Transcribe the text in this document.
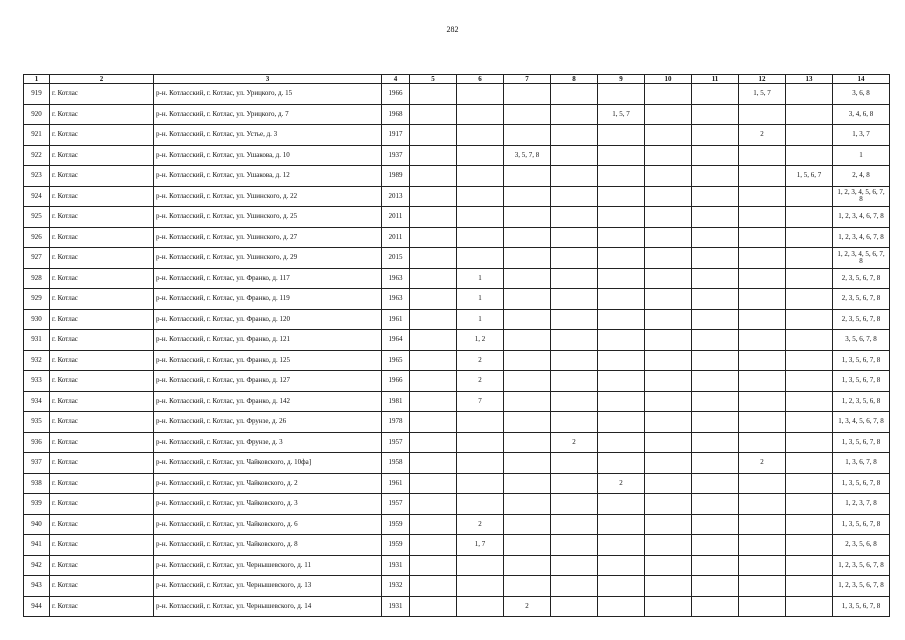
282
1	2	3	4	5	6	7	8	9	10	11	12	13	14
919	г. Котлас	р-н. Котласский, г. Котлас, ул. Урицкого, д. 15	1966								1, 5, 7		3, 6, 8
920	г. Котлас	р-н. Котласский, г. Котлас, ул. Урицкого, д. 7	1968					1, 5, 7					3, 4, 6, 8
921	г. Котлас	р-н. Котласский, г. Котлас, ул. Устье, д. 3	1917								2		1, 3, 7
922	г. Котлас	р-н. Котласский, г. Котлас, ул. Ушакова, д. 10	1937			3, 5, 7, 8							1
923	г. Котлас	р-н. Котласский, г. Котлас, ул. Ушакова, д. 12	1989									1, 5, 6, 7	2, 4, 8
924	г. Котлас	р-н. Котласский, г. Котлас, ул. Ушинского, д. 22	2013										1, 2, 3, 4, 5, 6, 7, 8
925	г. Котлас	р-н. Котласский, г. Котлас, ул. Ушинского, д. 25	2011										1, 2, 3, 4, 6, 7, 8
926	г. Котлас	р-н. Котласский, г. Котлас, ул. Ушинского, д. 27	2011										1, 2, 3, 4, 6, 7, 8
927	г. Котлас	р-н. Котласский, г. Котлас, ул. Ушинского, д. 29	2015										1, 2, 3, 4, 5, 6, 7, 8
928	г. Котлас	р-н. Котласский, г. Котлас, ул. Франко, д. 117	1963		1								2, 3, 5, 6, 7, 8
929	г. Котлас	р-н. Котласский, г. Котлас, ул. Франко, д. 119	1963		1								2, 3, 5, 6, 7, 8
930	г. Котлас	р-н. Котласский, г. Котлас, ул. Франко, д. 120	1961		1								2, 3, 5, 6, 7, 8
931	г. Котлас	р-н. Котласский, г. Котлас, ул. Франко, д. 121	1964		1, 2								3, 5, 6, 7, 8
932	г. Котлас	р-н. Котласский, г. Котлас, ул. Франко, д. 125	1965		2								1, 3, 5, 6, 7, 8
933	г. Котлас	р-н. Котласский, г. Котлас, ул. Франко, д. 127	1966		2								1, 3, 5, 6, 7, 8
934	г. Котлас	р-н. Котласский, г. Котлас, ул. Франко, д. 142	1981		7								1, 2, 3, 5, 6, 8
935	г. Котлас	р-н. Котласский, г. Котлас, ул. Фрунзе, д. 26	1978										1, 3, 4, 5, 6, 7, 8
936	г. Котлас	р-н. Котласский, г. Котлас, ул. Фрунзе, д. 3	1957				2						1, 3, 5, 6, 7, 8
937	г. Котлас	р-н. Котласский, г. Котлас, ул. Чайковского, д. 10фа]	1958								2		1, 3, 6, 7, 8
938	г. Котлас	р-н. Котласский, г. Котлас, ул. Чайковского, д. 2	1961					2					1, 3, 5, 6, 7, 8
939	г. Котлас	р-н. Котласский, г. Котлас, ул. Чайковского, д. 3	1957										1, 2, 3, 7, 8
940	г. Котлас	р-н. Котласский, г. Котлас, ул. Чайковского, д. 6	1959		2								1, 3, 5, 6, 7, 8
941	г. Котлас	р-н. Котласский, г. Котлас, ул. Чайковского, д. 8	1959		1, 7								2, 3, 5, 6, 8
942	г. Котлас	р-н. Котласский, г. Котлас, ул. Чернышевского, д. 11	1931										1, 2, 3, 5, 6, 7, 8
943	г. Котлас	р-н. Котласский, г. Котлас, ул. Чернышевского, д. 13	1932										1, 2, 3, 5, 6, 7, 8
944	г. Котлас	р-н. Котласский, г. Котлас, ул. Чернышевского, д. 14	1931			2							1, 3, 5, 6, 7, 8
